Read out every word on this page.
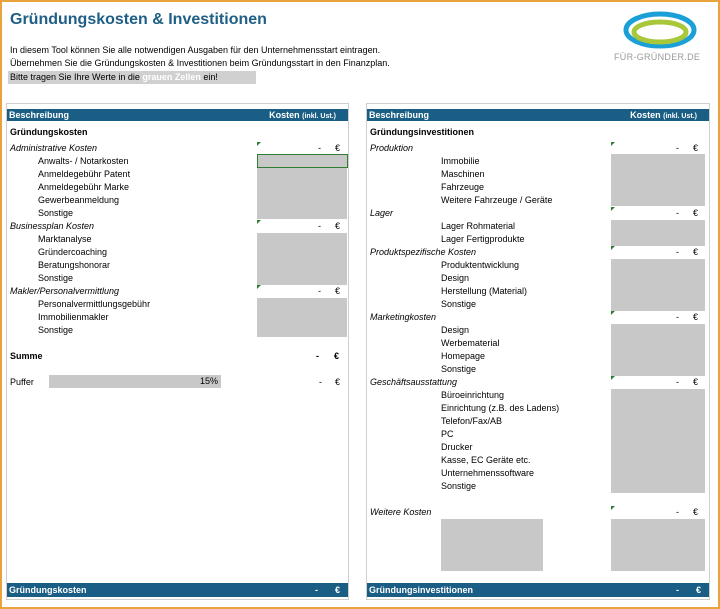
Gründungskosten & Investitionen
In diesem Tool können Sie alle notwendigen Ausgaben für den Unternehmensstart eintragen.
Übernehmen Sie die Gründungskosten & Investitionen beim Gründungsstart in den Finanzplan.
Bitte tragen Sie Ihre Werte in die grauen Zellen ein!
FÜR-GRÜNDER.DE
Beschreibung	Kosten (inkl. Ust.)
Gründungskosten
Administrative Kosten	- €
Anwalts- / Notarkosten
Anmeldegebühr Patent
Anmeldegebühr Marke
Gewerbeanmeldung
Sonstige
Businessplan Kosten	- €
Marktanalyse
Gründercoaching
Beratungshonorar
Sonstige
Makler/Personalvermittlung	- €
Personalvermittlungsgebühr
Immobilienmakler
Sonstige
Summe	- €
Puffer	15%	- €
Gründungskosten	- €
Beschreibung	Kosten (inkl. Ust.)
Gründungsinvestitionen
Produktion	- €
Immobilie
Maschinen
Fahrzeuge
Weitere Fahrzeuge / Geräte
Lager	- €
Lager Rohmaterial
Lager Fertigprodukte
Produktspezifische Kosten	- €
Produktentwicklung
Design
Herstellung (Material)
Sonstige
Marketingkosten	- €
Design
Werbematerial
Homepage
Sonstige
Geschäftsausstattung	- €
Büroeinrichtung
Einrichtung (z.B. des Ladens)
Telefon/Fax/AB
PC
Drucker
Kasse, EC Geräte etc.
Unternehmenssoftware
Sonstige
Weitere Kosten	- €
Gründungsinvestitionen	- €
